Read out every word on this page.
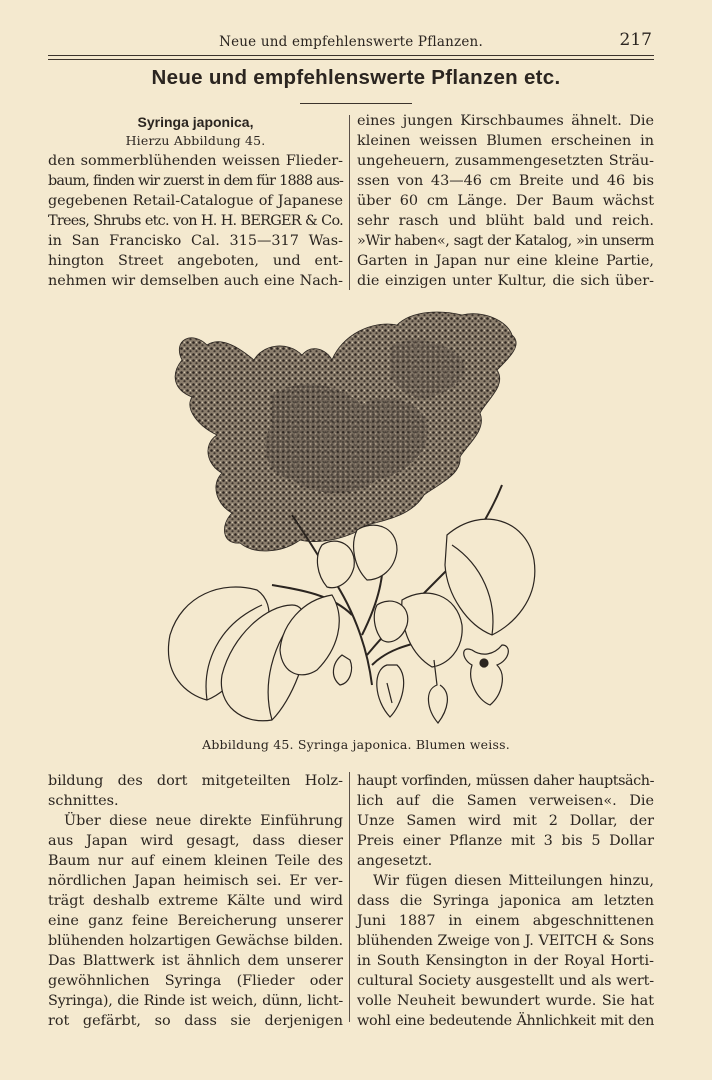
Neue und empfehlenswerte Pflanzen.	217
Neue und empfehlenswerte Pflanzen etc.
Syringa japonica,
Hierzu Abbildung 45.
den sommerblühenden weissen Flieder-
baum, finden wir zuerst in dem für 1888 aus-
gegebenen Retail-Catalogue of Japanese
Trees, Shrubs etc. von H. H. BERGER & Co.
in San Francisko Cal. 315—317 Was-
hington Street angeboten, und ent-
nehmen wir demselben auch eine Nach-
eines jungen Kirschbaumes ähnelt. Die
kleinen weissen Blumen erscheinen in
ungeheuern, zusammengesetzten Sträu-
ssen von 43—46 cm Breite und 46 bis
über 60 cm Länge. Der Baum wächst
sehr rasch und blüht bald und reich.
»Wir haben«, sagt der Katalog, »in unserm
Garten in Japan nur eine kleine Partie,
die einzigen unter Kultur, die sich über-
Abbildung 45. Syringa japonica. Blumen weiss.
bildung des dort mitgeteilten Holz-
schnittes.
Über diese neue direkte Einführung
aus Japan wird gesagt, dass dieser
Baum nur auf einem kleinen Teile des
nördlichen Japan heimisch sei. Er ver-
trägt deshalb extreme Kälte und wird
eine ganz feine Bereicherung unserer
blühenden holzartigen Gewächse bilden.
Das Blattwerk ist ähnlich dem unserer
gewöhnlichen Syringa (Flieder oder
Syringa), die Rinde ist weich, dünn, licht-
rot gefärbt, so dass sie derjenigen
haupt vorfinden, müssen daher hauptsäch-
lich auf die Samen verweisen«. Die
Unze Samen wird mit 2 Dollar, der
Preis einer Pflanze mit 3 bis 5 Dollar
angesetzt.
Wir fügen diesen Mitteilungen hinzu,
dass die Syringa japonica am letzten
Juni 1887 in einem abgeschnittenen
blühenden Zweige von J. VEITCH & Sons
in South Kensington in der Royal Horti-
cultural Society ausgestellt und als wert-
volle Neuheit bewundert wurde. Sie hat
wohl eine bedeutende Ähnlichkeit mit den
